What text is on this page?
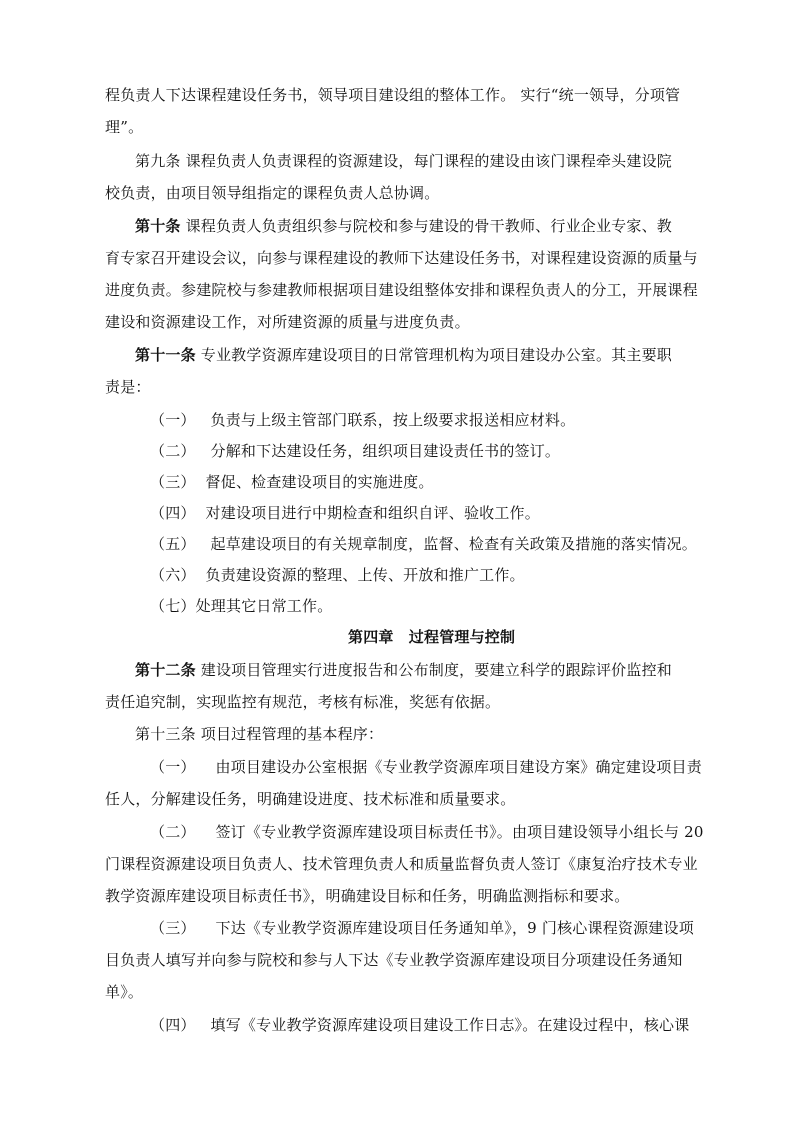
程负责人下达课程建设任务书，领导项目建设组的整体工作。 实行“统一领导，分项管
理”。
第九条 课程负责人负责课程的资源建设，每门课程的建设由该门课程牵头建设院
校负责，由项目领导组指定的课程负责人总协调。
第十条 课程负责人负责组织参与院校和参与建设的骨干教师、行业企业专家、教
育专家召开建设会议，向参与课程建设的教师下达建设任务书，对课程建设资源的质量与
进度负责。参建院校与参建教师根据项目建设组整体安排和课程负责人的分工，开展课程
建设和资源建设工作，对所建资源的质量与进度负责。
第十一条 专业教学资源库建设项目的日常管理机构为项目建设办公室。其主要职
责是：
（一） 负责与上级主管部门联系，按上级要求报送相应材料。
（二） 分解和下达建设任务，组织项目建设责任书的签订。
（三） 督促、检查建设项目的实施进度。
（四） 对建设项目进行中期检查和组织自评、验收工作。
（五） 起草建设项目的有关规章制度，监督、检查有关政策及措施的落实情况。
（六） 负责建设资源的整理、上传、开放和推广工作。
（七）处理其它日常工作。
第四章　过程管理与控制
第十二条 建设项目管理实行进度报告和公布制度，要建立科学的跟踪评价监控和
责任追究制，实现监控有规范，考核有标准，奖惩有依据。
第十三条 项目过程管理的基本程序：
（一） 由项目建设办公室根据《专业教学资源库项目建设方案》确定建设项目责
任人，分解建设任务，明确建设进度、技术标准和质量要求。
（二） 签订《专业教学资源库建设项目标责任书》。由项目建设领导小组长与 20
门课程资源建设项目负责人、技术管理负责人和质量监督负责人签订《康复治疗技术专业
教学资源库建设项目标责任书》，明确建设目标和任务，明确监测指标和要求。
（三） 下达《专业教学资源库建设项目任务通知单》，9 门核心课程资源建设项
目负责人填写并向参与院校和参与人下达《专业教学资源库建设项目分项建设任务通知
单》。
（四） 填写《专业教学资源库建设项目建设工作日志》。在建设过程中，核心课
